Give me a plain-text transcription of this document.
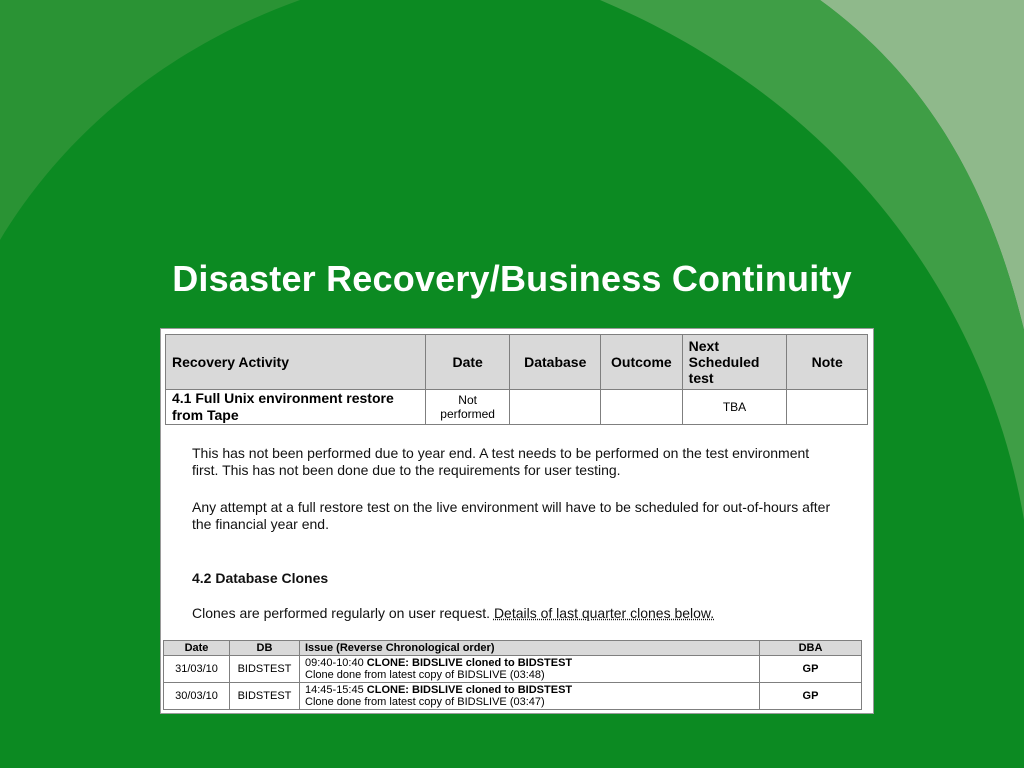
Disaster Recovery/Business Continuity
Recovery Activity	Date	Database	Outcome	Next Scheduled test	Note
4.1 Full Unix environment restore from Tape	Not performed			TBA	
This has not been performed due to year end. A test needs to be performed on the test environment first. This has not been done due to the requirements for user testing.
Any attempt at a full restore test on the live environment will have to be scheduled for out-of-hours after the financial year end.
4.2 Database Clones
Clones are performed regularly on user request. Details of last quarter clones below.
Date	DB	Issue (Reverse Chronological order)	DBA
31/03/10	BIDSTEST	09:40-10:40 CLONE: BIDSLIVE cloned to BIDSTEST
Clone done from latest copy of BIDSLIVE (03:48)	GP
30/03/10	BIDSTEST	14:45-15:45 CLONE: BIDSLIVE cloned to BIDSTEST
Clone done from latest copy of BIDSLIVE (03:47)	GP
